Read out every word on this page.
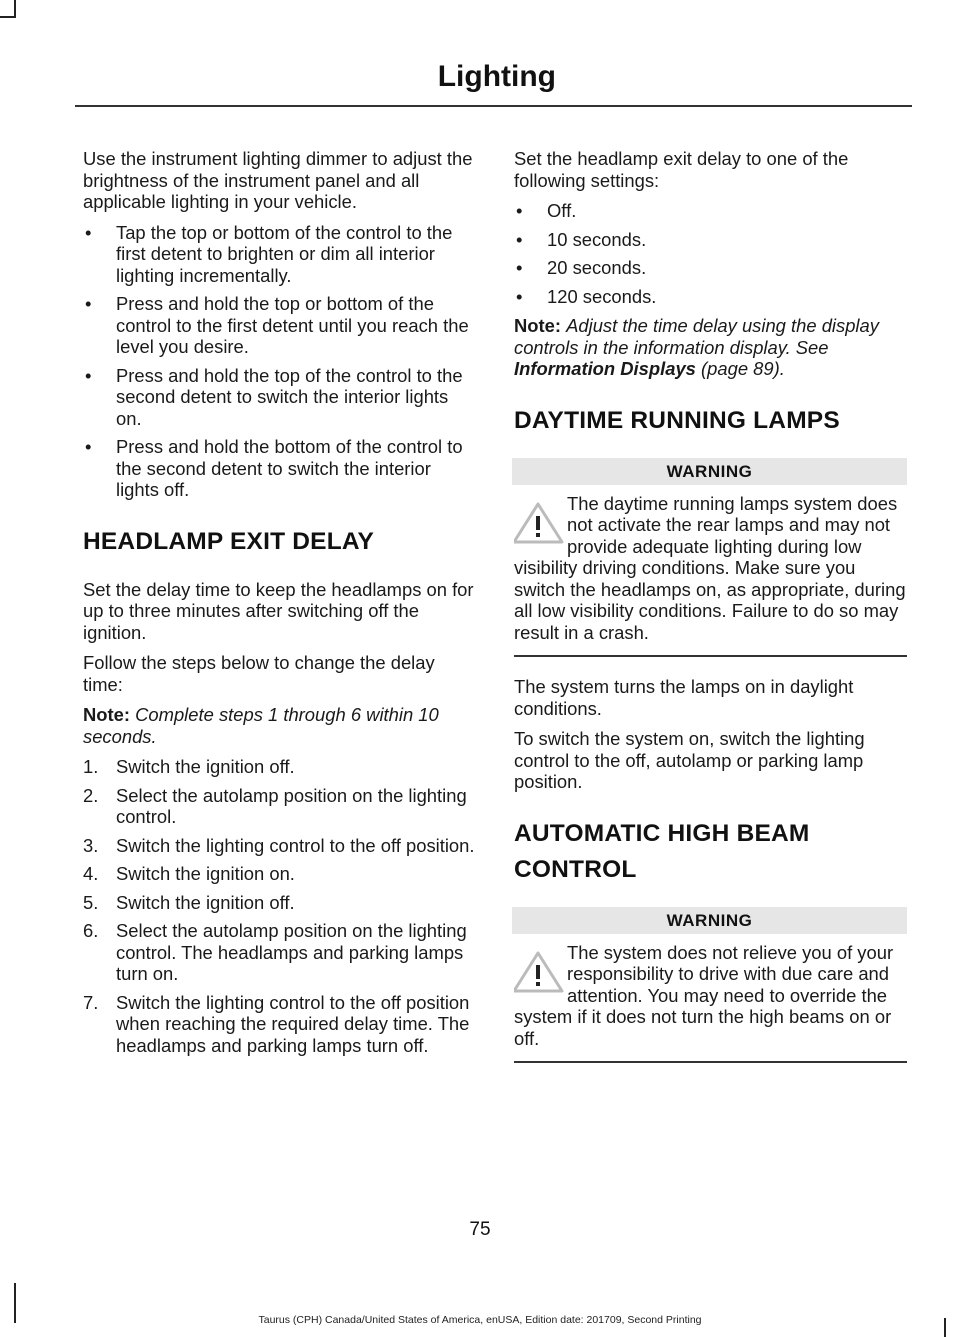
Lighting

Use the instrument lighting dimmer to adjust the brightness of the instrument panel and all applicable lighting in your vehicle.

• Tap the top or bottom of the control to the first detent to brighten or dim all interior lighting incrementally.
• Press and hold the top or bottom of the control to the first detent until you reach the level you desire.
• Press and hold the top of the control to the second detent to switch the interior lights on.
• Press and hold the bottom of the control to the second detent to switch the interior lights off.
HEADLAMP EXIT DELAY

Set the delay time to keep the headlamps on for up to three minutes after switching off the ignition.

Follow the steps below to change the delay time:

Note: Complete steps 1 through 6 within 10 seconds.

1. Switch the ignition off.
2. Select the autolamp position on the lighting control.
3. Switch the lighting control to the off position.
4. Switch the ignition on.
5. Switch the ignition off.
6. Select the autolamp position on the lighting control. The headlamps and parking lamps turn on.
7. Switch the lighting control to the off position when reaching the required delay time. The headlamps and parking lamps turn off.

Set the headlamp exit delay to one of the following settings:

• Off.
• 10 seconds.
• 20 seconds.
• 120 seconds.

Note: Adjust the time delay using the display controls in the information display. See Information Displays (page 89).

DAYTIME RUNNING LAMPS
WARNING

The daytime running lamps system does not activate the rear lamps and may not provide adequate lighting during low visibility driving conditions. Make sure you switch the headlamps on, as appropriate, during all low visibility conditions. Failure to do so may result in a crash.

The system turns the lamps on in daylight conditions.

To switch the system on, switch the lighting control to the off, autolamp or parking lamp position.

AUTOMATIC HIGH BEAM
CONTROL
WARNING

The system does not relieve you of your responsibility to drive with due care and attention. You may need to override the system if it does not turn the high beams on or off.

75
Taurus (CPH) Canada/United States of America, enUSA, Edition date: 201709, Second Printing
